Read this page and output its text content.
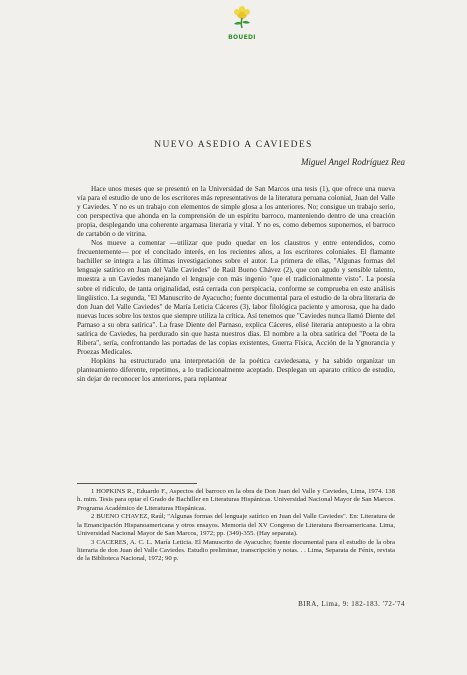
BOUEDI
NUEVO ASEDIO A CAVIEDES
Miguel Angel Rodríguez Rea

Hace unos meses que se presentó en la Universidad de San Marcos una tesis (1), que ofrece una nueva vía para el estudio de uno de los escritores más representativos de la literatura peruana colonial, Juan del Valle y Caviedes. Y no es un trabajo con elementos de simple glosa a los anteriores. No; consigue un trabajo serio, con perspectiva que ahonda en la comprensión de un espíritu barroco, manteniendo dentro de una creación propia, desplegando una coherente argamasa literaria y vital. Y no es, como debemos suponernos, el barroco de cartabón o de vitrina.

Nos mueve a comentar —utilizar que pudo quedar en los claustros y entre entendidos, como frecuentemente— por el concitado interés, en los recientes años, a los escritores coloniales. El flamante bachiller se integra a las últimas investigaciones sobre el autor. La primera de ellas, "Algunas formas del lenguaje satírico en Juan del Valle Caviedes" de Raúl Bueno Chávez (2), que con agudo y sensible talento, muestra a un Caviedes manejando el lenguaje con más ingenio "que el tradicionalmente visto". La poesía sobre el ridículo, de tanta originalidad, está cerrada con perspicacia, conforme se comprueba en este análisis lingüístico. La segunda, "El Manuscrito de Ayacucho; fuente documental para el estudio de la obra literaria de don Juan del Valle Caviedes" de María Leticia Cáceres (3), labor filológica paciente y amorosa, que ha dado nuevas luces sobre los textos que siempre utiliza la crítica. Así tenemos que "Caviedes nunca llamó Diente del Parnaso a su obra satírica". La frase Diente del Parnaso, explica Cáceres, elisé literaria antepuesto a la obra satírica de Caviedes, ha perdurado sin que hasta nuestros días. El nombre a la obra satírica del "Poeta de la Ribera", sería, confrontando las portadas de las copias existentes, Guerra Física, Acción de la Ygnorancia y Proezas Medicales.

Hopkins ha estructurado una interpretación de la poética caviedesana, y ha sabido organizar un planteamiento diferente, repetimos, a lo tradicionalmente aceptado. Desplegan un aparato crítico de estudio, sin dejar de reconocer los anteriores, para replantear

1 HOPKINS R., Eduardo F., Aspectos del barroco en la obra de Don Juan del Valle y Caviedes, Lima, 1974. 138 h. mim. Tesis para optar el Grado de Bachiller en Literaturas Hispánicas. Universidad Nacional Mayor de San Marcos. Programa Académico de Literaturas Hispánicas.

2 BUENO CHAVEZ, Raúl; "Algunas formas del lenguaje satírico en Juan del Valle Caviedes". En: Literatura de la Emancipación Hispanoamericana y otros ensayos. Memoria del XV Congreso de Literatura Iberoamericana. Lima, Universidad Nacional Mayor de San Marcos, 1972; pp. (349)-355. (Hay separata).

3 CACERES, A. C. L. María Leticia. El Manuscrito de Ayacucho; fuente documental para el estudio de la obra literaria de don Juan del Valle Caviedes. Estudio preliminar, transcripción y notas. . . Lima, Separata de Fénix, revista de la Biblioteca Nacional, 1972; 90 p.

BIRA, Lima, 9: 182-183. '72-'74
